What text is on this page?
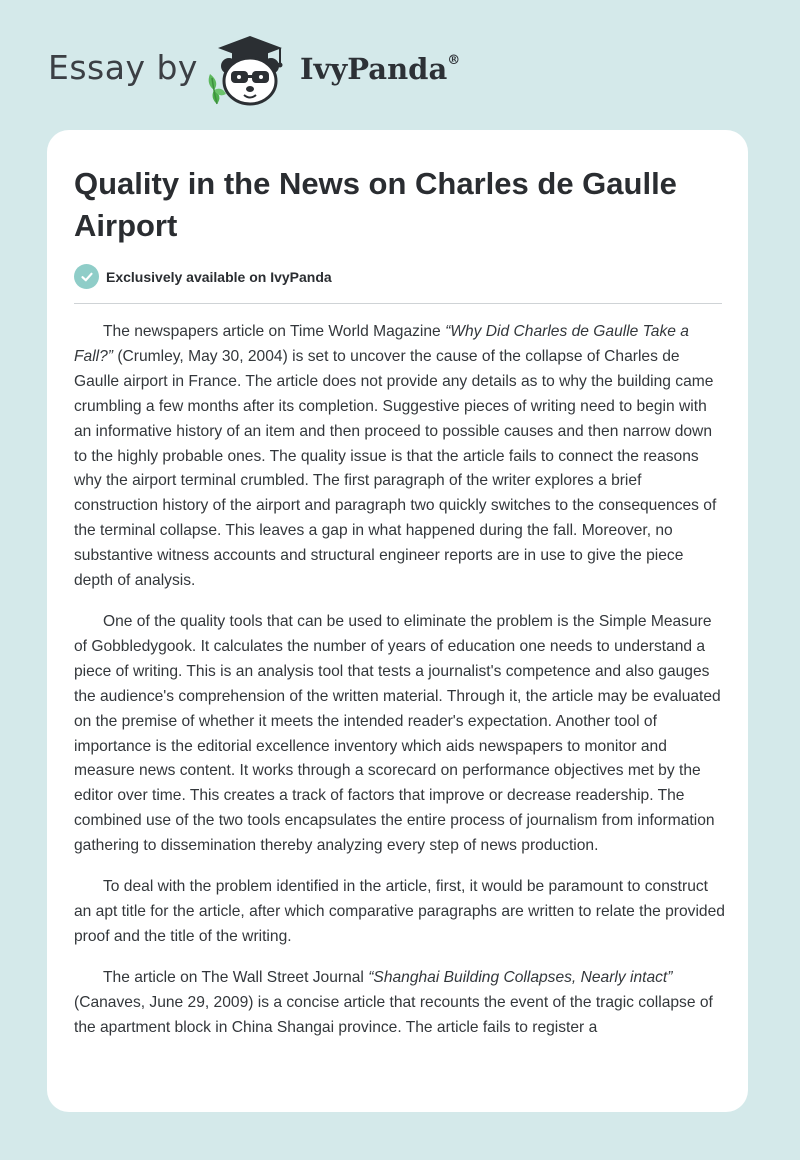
Essay by	IvyPanda®
Quality in the News on Charles de Gaulle Airport
Exclusively available on IvyPanda

The newspapers article on Time World Magazine “Why Did Charles de Gaulle Take a Fall?” (Crumley, May 30, 2004) is set to uncover the cause of the collapse of Charles de Gaulle airport in France. The article does not provide any details as to why the building came crumbling a few months after its completion. Suggestive pieces of writing need to begin with an informative history of an item and then proceed to possible causes and then narrow down to the highly probable ones. The quality issue is that the article fails to connect the reasons why the airport terminal crumbled. The first paragraph of the writer explores a brief construction history of the airport and paragraph two quickly switches to the consequences of the terminal collapse. This leaves a gap in what happened during the fall. Moreover, no substantive witness accounts and structural engineer reports are in use to give the piece depth of analysis.

One of the quality tools that can be used to eliminate the problem is the Simple Measure of Gobbledygook. It calculates the number of years of education one needs to understand a piece of writing. This is an analysis tool that tests a journalist's competence and also gauges the audience's comprehension of the written material. Through it, the article may be evaluated on the premise of whether it meets the intended reader's expectation. Another tool of importance is the editorial excellence inventory which aids newspapers to monitor and measure news content. It works through a scorecard on performance objectives met by the editor over time. This creates a track of factors that improve or decrease readership. The combined use of the two tools encapsulates the entire process of journalism from information gathering to dissemination thereby analyzing every step of news production.

To deal with the problem identified in the article, first, it would be paramount to construct an apt title for the article, after which comparative paragraphs are written to relate the provided proof and the title of the writing.

The article on The Wall Street Journal “Shanghai Building Collapses, Nearly intact” (Canaves, June 29, 2009) is a concise article that recounts the event of the tragic collapse of the apartment block in China Shangai province. The article fails to register a
